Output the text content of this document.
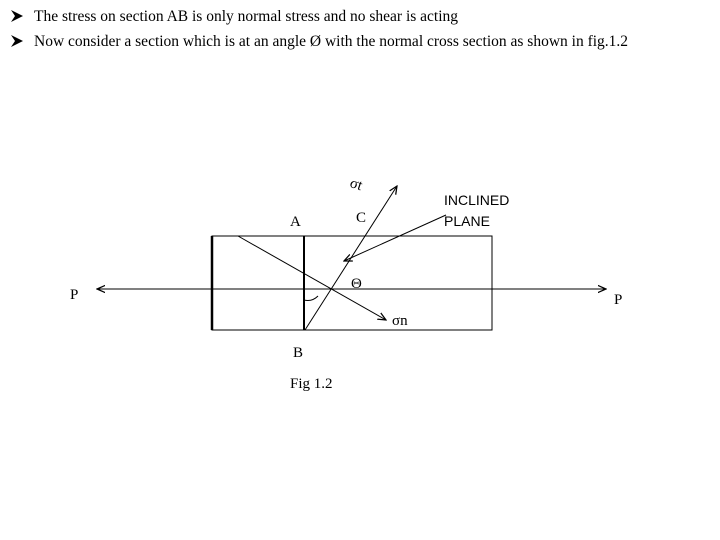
The stress on section AB is only normal stress and no shear is acting
Now consider a section which is at an angle Ø with the normal cross section as shown in fig.1.2
A	C
B
P	P
Θ
σt
σn
INCLINED
PLANE
Fig 1.2
